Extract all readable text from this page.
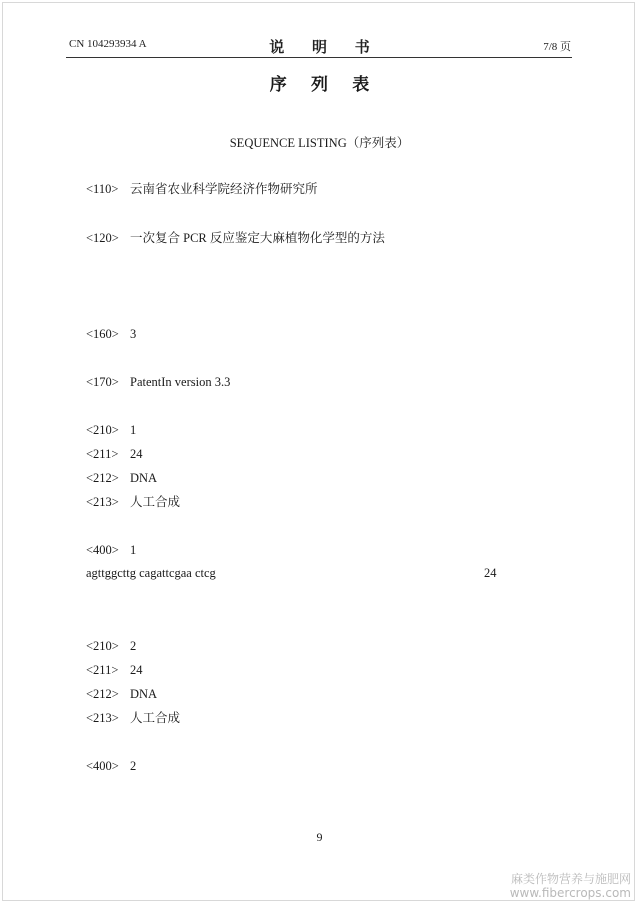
CN 104293934 A	说 明 书	7/8 页
序 列 表
SEQUENCE LISTING（序列表）
<110> 云南省农业科学院经济作物研究所
<120> 一次复合 PCR 反应鉴定大麻植物化学型的方法
<160> 3
<170> PatentIn version 3.3
<210> 1
<211> 24
<212> DNA
<213> 人工合成
<400> 1
agttggcttg cagattcgaa ctcg	24
<210> 2
<211> 24
<212> DNA
<213> 人工合成
<400> 2
9
麻类作物营养与施肥网
www.fibercrops.com
